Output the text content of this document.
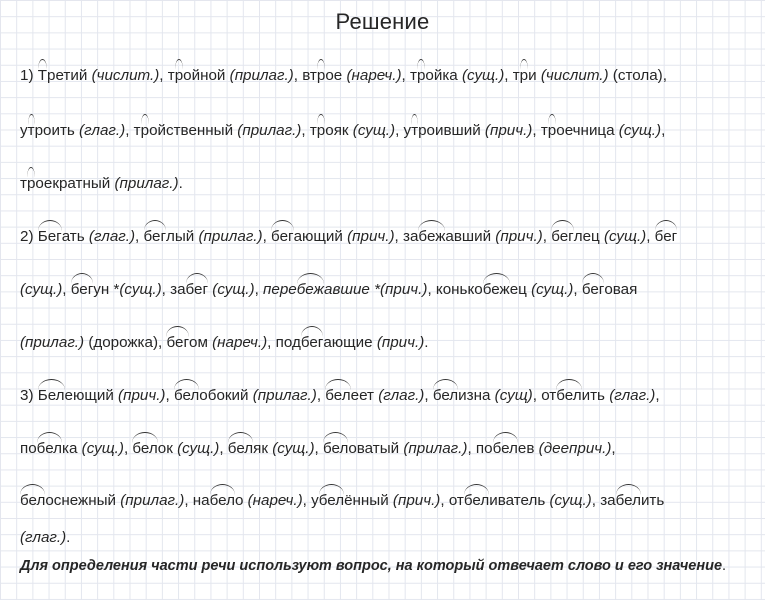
Решение
1) Третий (числит.), тройной (прилаг.), втрое (нареч.), тройка (сущ.), три (числит.) (стола),
утроить (глаг.), тройственный (прилаг.), трояк (сущ.), утроивший (прич.), троечница (сущ.),
троекратный (прилаг.).
2) Бегать (глаг.), беглый (прилаг.), бегающий (прич.), забежавший (прич.), беглец (сущ.), бег
(сущ.), бегун *(сущ.), забег (сущ.), перебежавшие *(прич.), конькобежец (сущ.), беговая
(прилаг.) (дорожка), бегом (нареч.), подбегающие (прич.).
3) Белеющий (прич.), белобокий (прилаг.), белеет (глаг.), белизна (сущ), отбелить (глаг.),
побелка (сущ.), белок (сущ.), беляк (сущ.), беловатый (прилаг.), побелев (дееприч.),
белоснежный (прилаг.), набело (нареч.), убелённый (прич.), отбеливатель (сущ.), забелить
(глаг.).
Для определения части речи используют вопрос, на который отвечает слово и его значение.
